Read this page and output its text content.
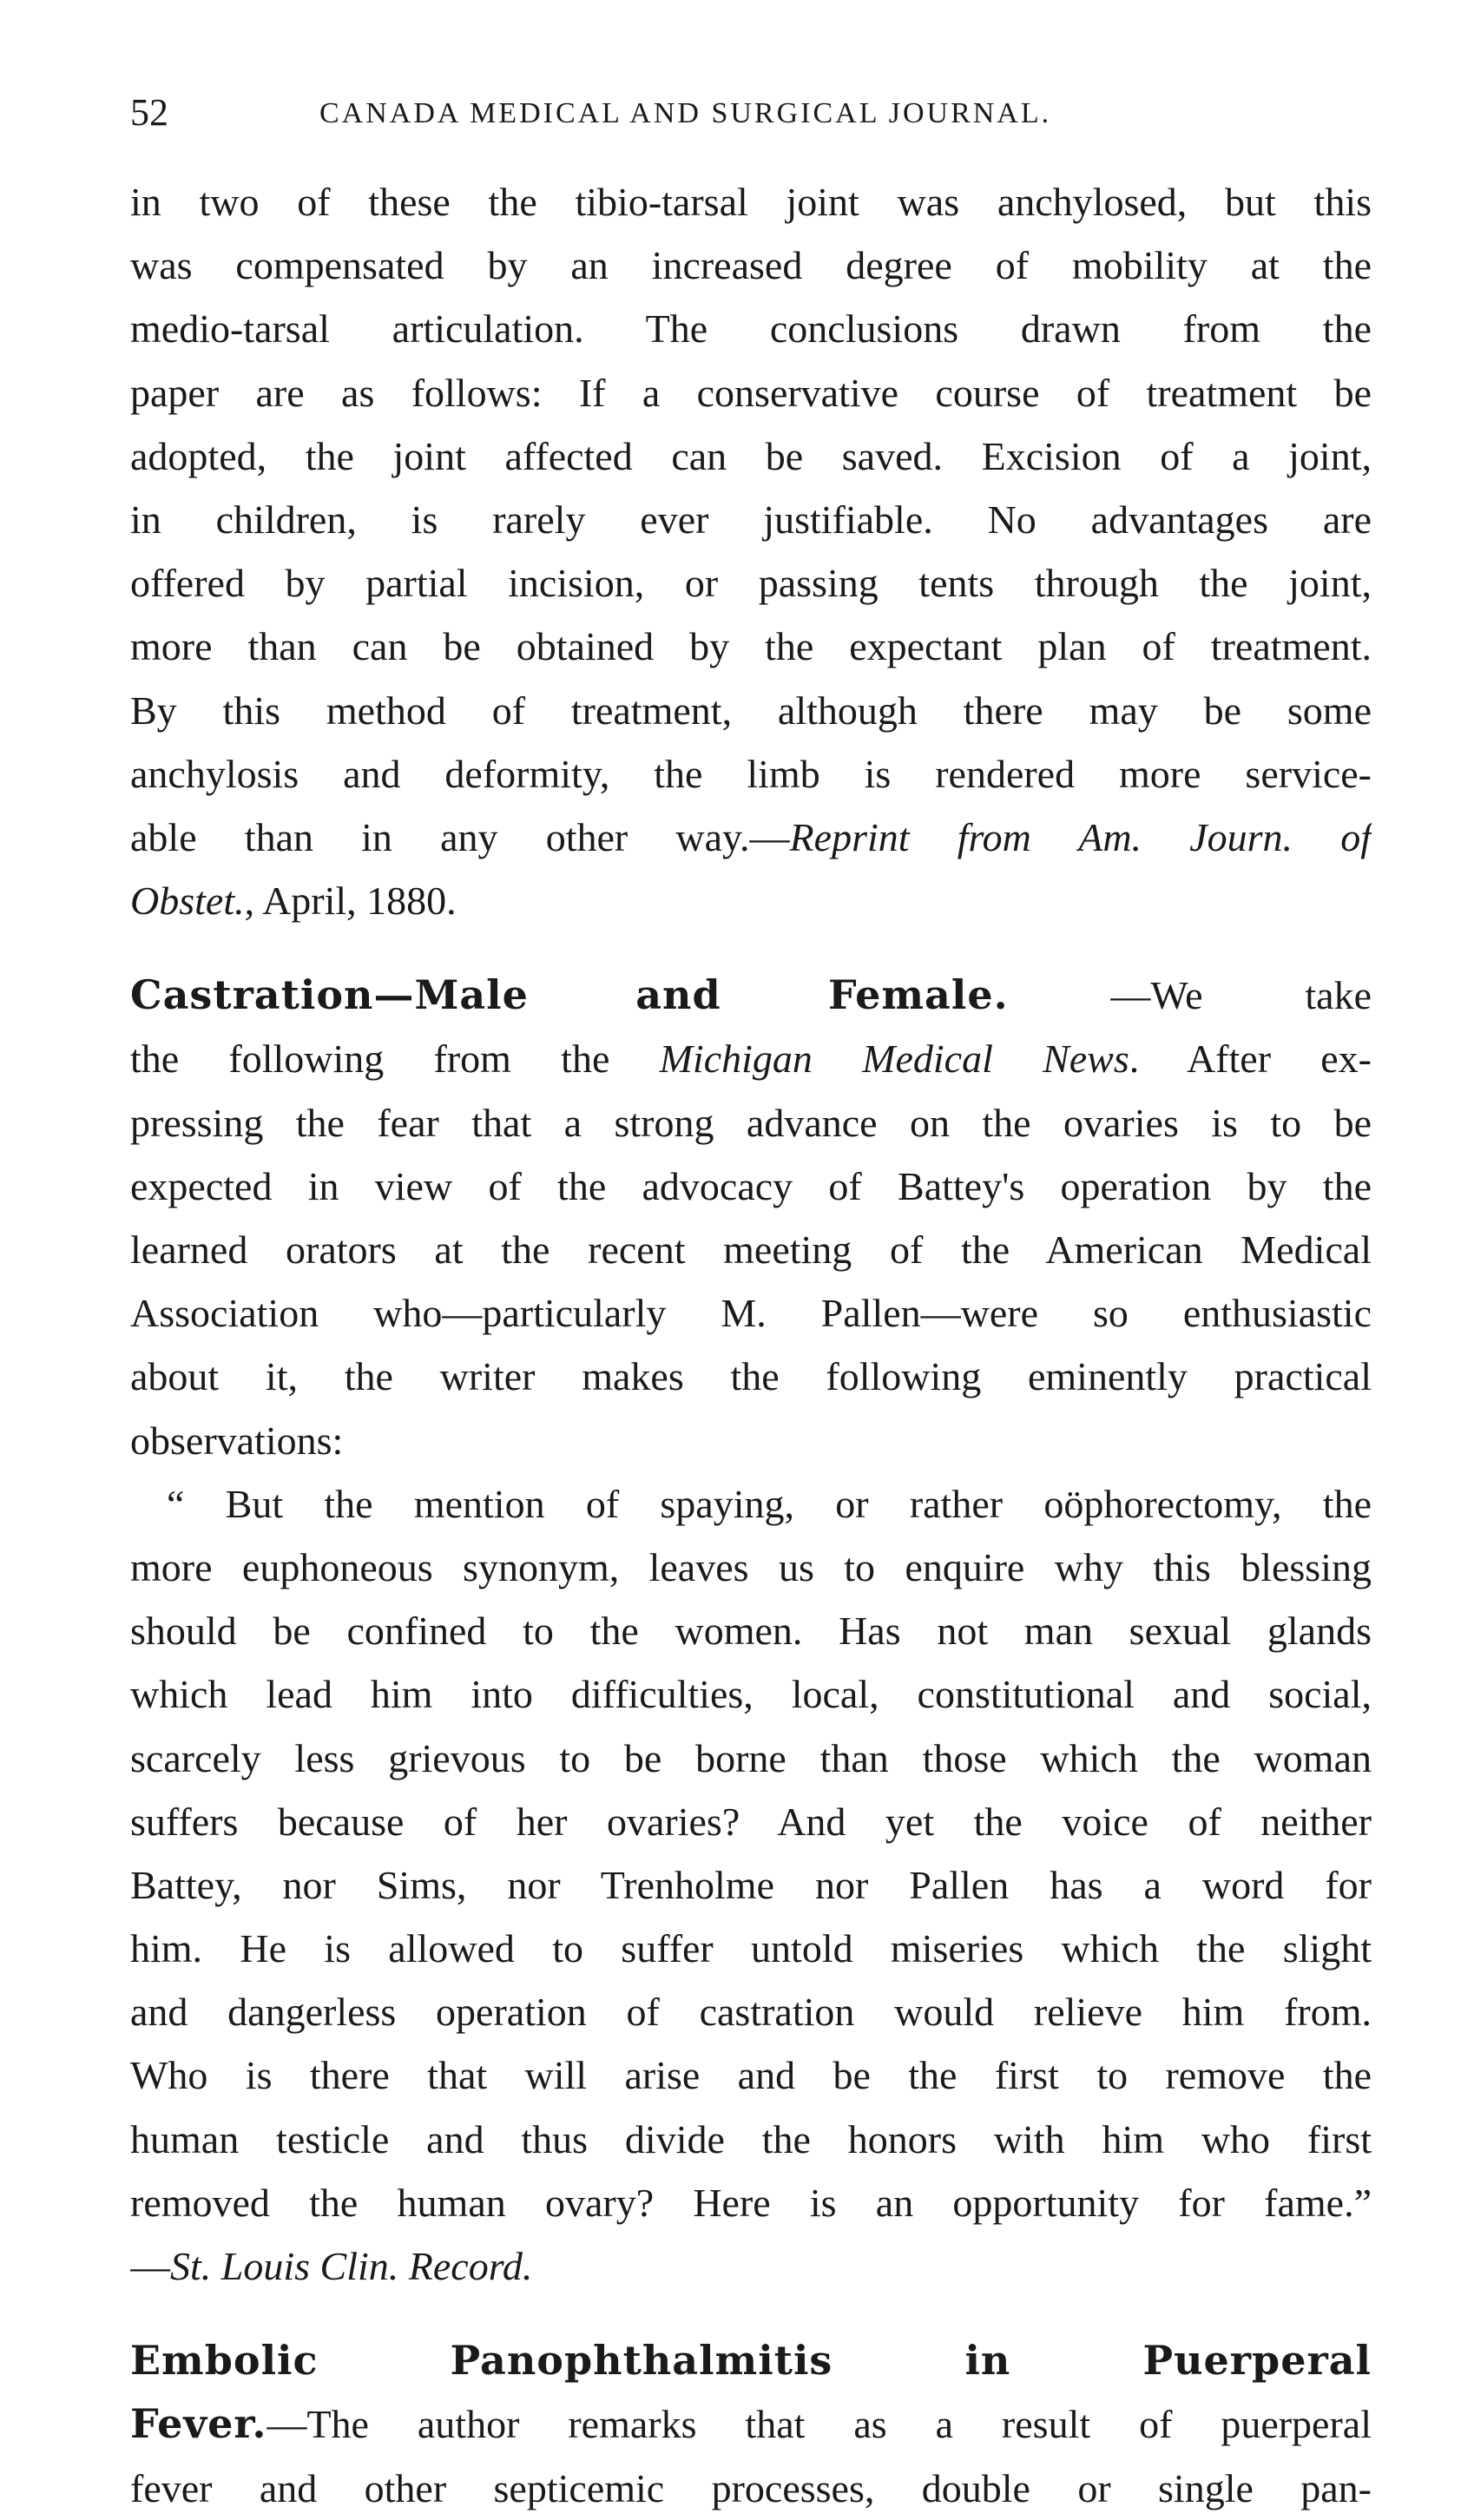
52	CANADA MEDICAL AND SURGICAL JOURNAL.
in two of these the tibio-tarsal joint was anchylosed, but this
was compensated by an increased degree of mobility at the
medio-tarsal articulation. The conclusions drawn from the
paper are as follows: If a conservative course of treatment be
adopted, the joint affected can be saved. Excision of a joint,
in children, is rarely ever justifiable. No advantages are
offered by partial incision, or passing tents through the joint,
more than can be obtained by the expectant plan of treatment.
By this method of treatment, although there may be some
anchylosis and deformity, the limb is rendered more service-
able than in any other way.—Reprint from Am. Journ. of
Obstet., April, 1880.
Castration—Male and Female. —We take
the following from the Michigan Medical News. After ex-
pressing the fear that a strong advance on the ovaries is to be
expected in view of the advocacy of Battey's operation by the
learned orators at the recent meeting of the American Medical
Association who—particularly M. Pallen—were so enthusiastic
about it, the writer makes the following eminently practical
observations:
“ But the mention of spaying, or rather oöphorectomy, the
more euphoneous synonym, leaves us to enquire why this blessing
should be confined to the women. Has not man sexual glands
which lead him into difficulties, local, constitutional and social,
scarcely less grievous to be borne than those which the woman
suffers because of her ovaries? And yet the voice of neither
Battey, nor Sims, nor Trenholme nor Pallen has a word for
him. He is allowed to suffer untold miseries which the slight
and dangerless operation of castration would relieve him from.
Who is there that will arise and be the first to remove the
human testicle and thus divide the honors with him who first
removed the human ovary? Here is an opportunity for fame.”
—St. Louis Clin. Record.
Embolic Panophthalmitis in Puerperal
Fever.—The author remarks that as a result of puerperal
fever and other septicemic processes, double or single pan-
